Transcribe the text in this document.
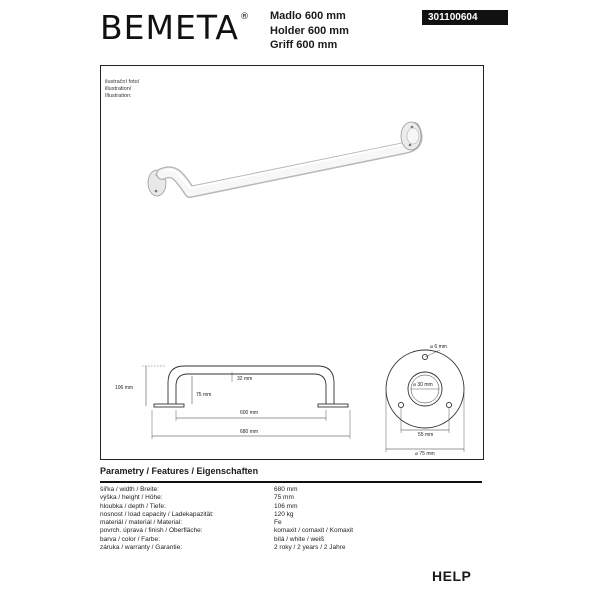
BEMETA® Madlo 600 mm
Holder 600 mm
Griff 600 mm
301100604
ilustrační foto/
illustration/
Illustration:
106 mm
32 mm
75 mm
600 mm
680 mm
⌀ 6 mm
⌀ 30 mm
55 mm
⌀ 75 mm
Parametry / Features / Eigenschaften
šířka / width / Breite:	680 mm
výška / height / Höhe:	75 mm
hloubka / depth / Tiefe:	106 mm
nosnost / load capacity / Ladekapazität:	120 kg
materiál / material / Material:	Fe
povrch. úprava / finish / Oberfläche:	komaxit / comaxit / Komaxit
barva / color / Farbe:	bílá / white / weiß
záruka / warranty / Garantie:	2 roky / 2 years / 2 Jahre
HELP
